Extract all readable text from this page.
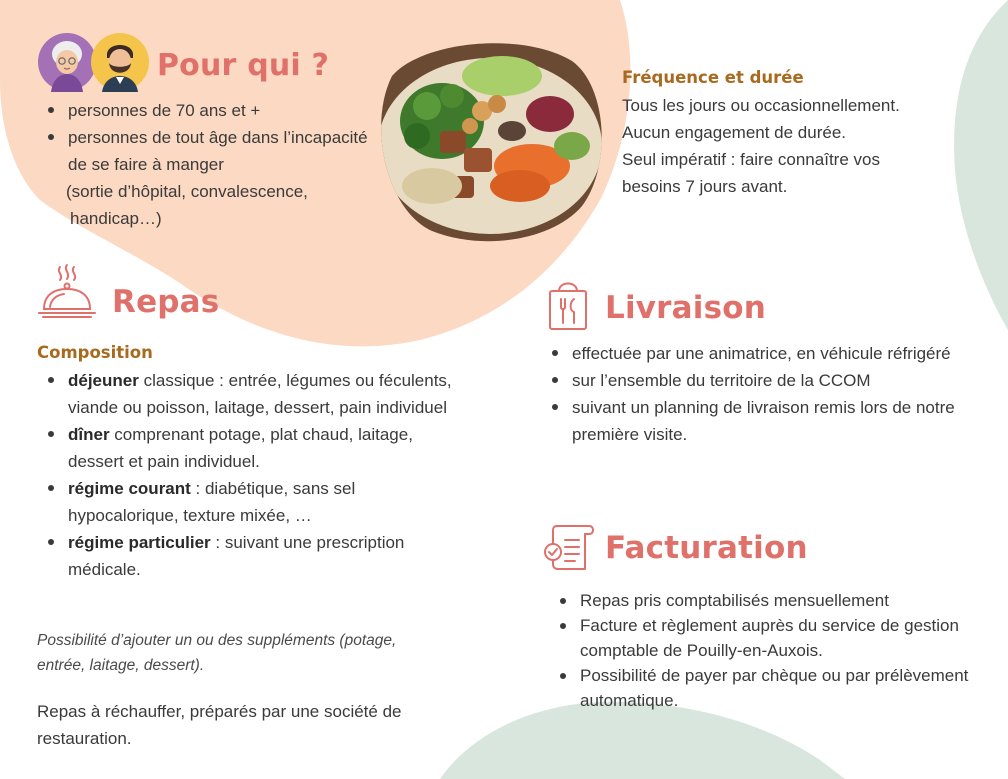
Pour qui ?
personnes de 70 ans et +
personnes de tout âge dans l’incapacité de se faire à manger
(sortie d’hôpital, convalescence,
handicap…)
Fréquence et durée
Tous les jours ou occasionnellement.
Aucun engagement de durée.
Seul impératif : faire connaître vos
besoins 7 jours avant.
Repas
Composition
déjeuner classique : entrée, légumes ou féculents, viande ou poisson, laitage, dessert, pain individuel
dîner comprenant potage, plat chaud, laitage, dessert et pain individuel.
régime courant : diabétique, sans sel hypocalorique, texture mixée, …
régime particulier : suivant une prescription médicale.
Possibilité d’ajouter un ou des suppléments (potage, entrée, laitage, dessert).
Repas à réchauffer, préparés par une société de restauration.
Livraison
effectuée par une animatrice, en véhicule réfrigéré
sur l’ensemble du territoire de la CCOM
suivant un planning de livraison remis lors de notre première visite.
Facturation
Repas pris comptabilisés mensuellement
Facture et règlement auprès du service de gestion comptable de Pouilly-en-Auxois.
Possibilité de payer par chèque ou par prélèvement automatique.
